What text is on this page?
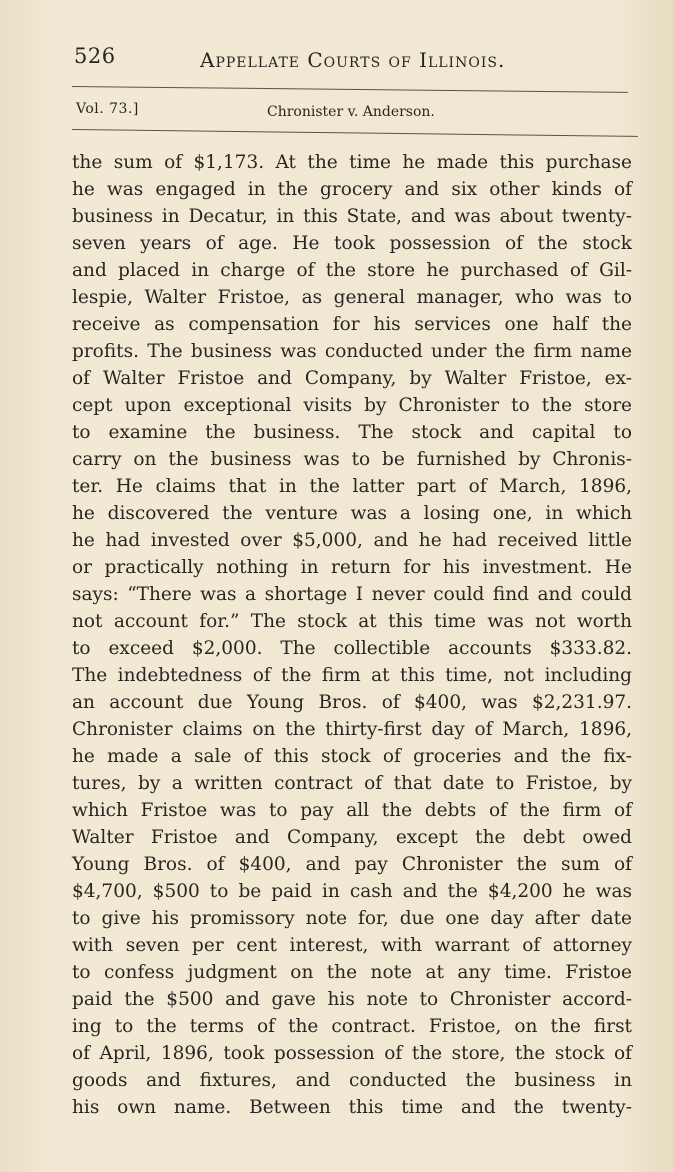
526	Appellate Courts of Illinois.
Vol. 73.]	Chronister v. Anderson.
the sum of $1,173. At the time he made this purchase
he was engaged in the grocery and six other kinds of
business in Decatur, in this State, and was about twenty-
seven years of age. He took possession of the stock
and placed in charge of the store he purchased of Gil-
lespie, Walter Fristoe, as general manager, who was to
receive as compensation for his services one half the
profits. The business was conducted under the firm name
of Walter Fristoe and Company, by Walter Fristoe, ex-
cept upon exceptional visits by Chronister to the store
to examine the business. The stock and capital to
carry on the business was to be furnished by Chronis-
ter. He claims that in the latter part of March, 1896,
he discovered the venture was a losing one, in which
he had invested over $5,000, and he had received little
or practically nothing in return for his investment. He
says: “There was a shortage I never could find and could
not account for.” The stock at this time was not worth
to exceed $2,000. The collectible accounts $333.82.
The indebtedness of the firm at this time, not including
an account due Young Bros. of $400, was $2,231.97.
Chronister claims on the thirty-first day of March, 1896,
he made a sale of this stock of groceries and the fix-
tures, by a written contract of that date to Fristoe, by
which Fristoe was to pay all the debts of the firm of
Walter Fristoe and Company, except the debt owed
Young Bros. of $400, and pay Chronister the sum of
$4,700, $500 to be paid in cash and the $4,200 he was
to give his promissory note for, due one day after date
with seven per cent interest, with warrant of attorney
to confess judgment on the note at any time. Fristoe
paid the $500 and gave his note to Chronister accord-
ing to the terms of the contract. Fristoe, on the first
of April, 1896, took possession of the store, the stock of
goods and fixtures, and conducted the business in
his own name. Between this time and the twenty-
